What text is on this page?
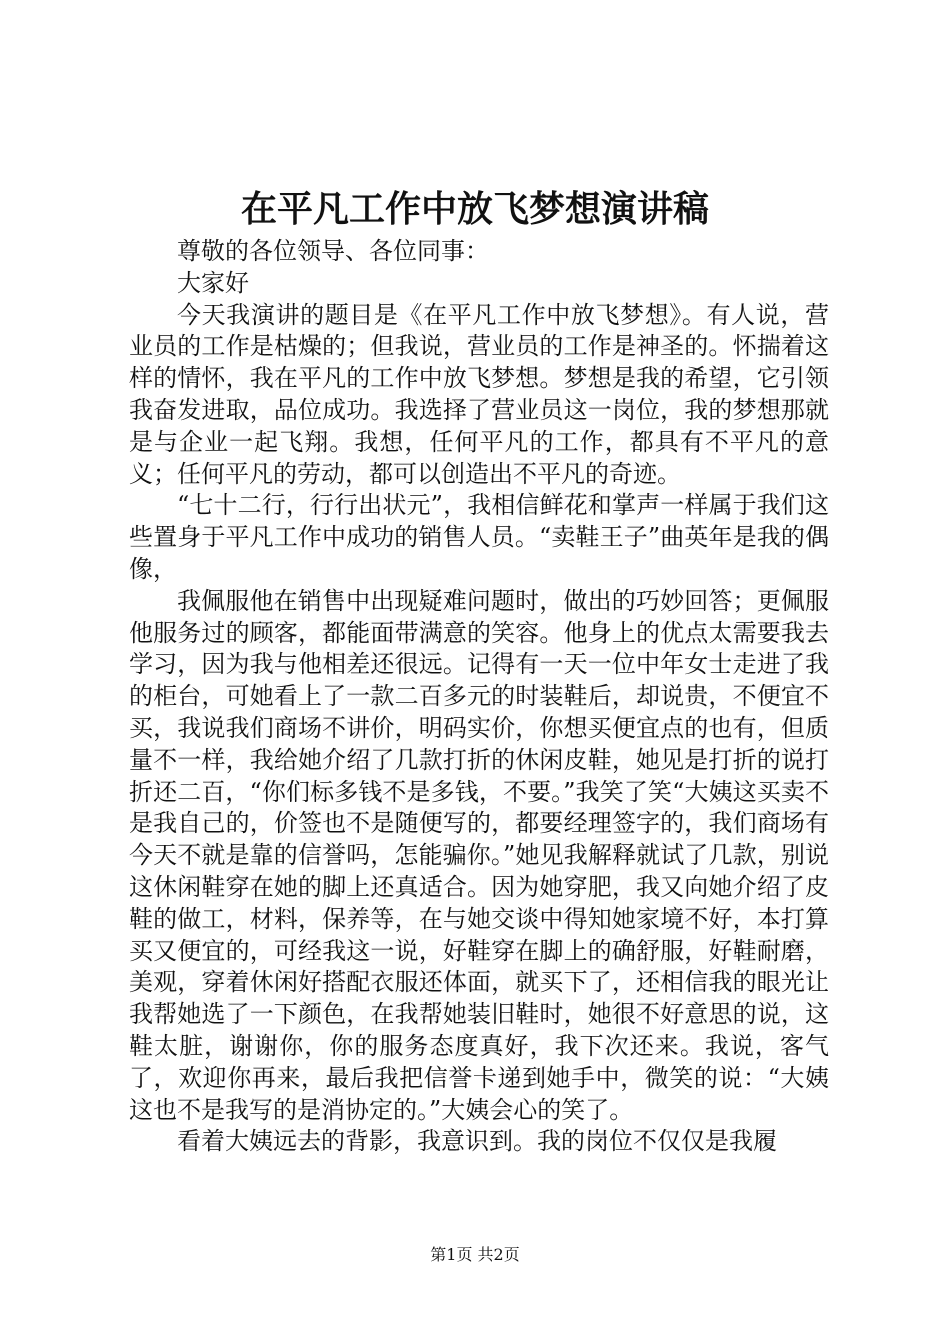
在平凡工作中放飞梦想演讲稿

尊敬的各位领导、各位同事：

大家好

今天我演讲的题目是《在平凡工作中放飞梦想》。有人说，营业员的工作是枯燥的；但我说，营业员的工作是神圣的。怀揣着这样的情怀，我在平凡的工作中放飞梦想。梦想是我的希望，它引领我奋发进取，品位成功。我选择了营业员这一岗位，我的梦想那就是与企业一起飞翔。我想，任何平凡的工作，都具有不平凡的意义；任何平凡的劳动，都可以创造出不平凡的奇迹。

“七十二行，行行出状元”，我相信鲜花和掌声一样属于我们这些置身于平凡工作中成功的销售人员。“卖鞋王子”曲英年是我的偶像，

我佩服他在销售中出现疑难问题时，做出的巧妙回答；更佩服他服务过的顾客，都能面带满意的笑容。他身上的优点太需要我去学习，因为我与他相差还很远。记得有一天一位中年女士走进了我的柜台，可她看上了一款二百多元的时装鞋后，却说贵，不便宜不买，我说我们商场不讲价，明码实价，你想买便宜点的也有，但质量不一样，我给她介绍了几款打折的休闲皮鞋，她见是打折的说打折还二百，“你们标多钱不是多钱，不要。”我笑了笑“大姨这买卖不是我自己的，价签也不是随便写的，都要经理签字的，我们商场有今天不就是靠的信誉吗，怎能骗你。”她见我解释就试了几款，别说这休闲鞋穿在她的脚上还真适合。因为她穿肥，我又向她介绍了皮鞋的做工，材料，保养等，在与她交谈中得知她家境不好，本打算买又便宜的，可经我这一说，好鞋穿在脚上的确舒服，好鞋耐磨，美观，穿着休闲好搭配衣服还体面，就买下了，还相信我的眼光让我帮她选了一下颜色，在我帮她装旧鞋时，她很不好意思的说，这鞋太脏，谢谢你，你的服务态度真好，我下次还来。我说，客气了，欢迎你再来，最后我把信誉卡递到她手中，微笑的说：“大姨这也不是我写的是消协定的。”大姨会心的笑了。

看着大姨远去的背影，我意识到。我的岗位不仅仅是我履

第1页 共2页
